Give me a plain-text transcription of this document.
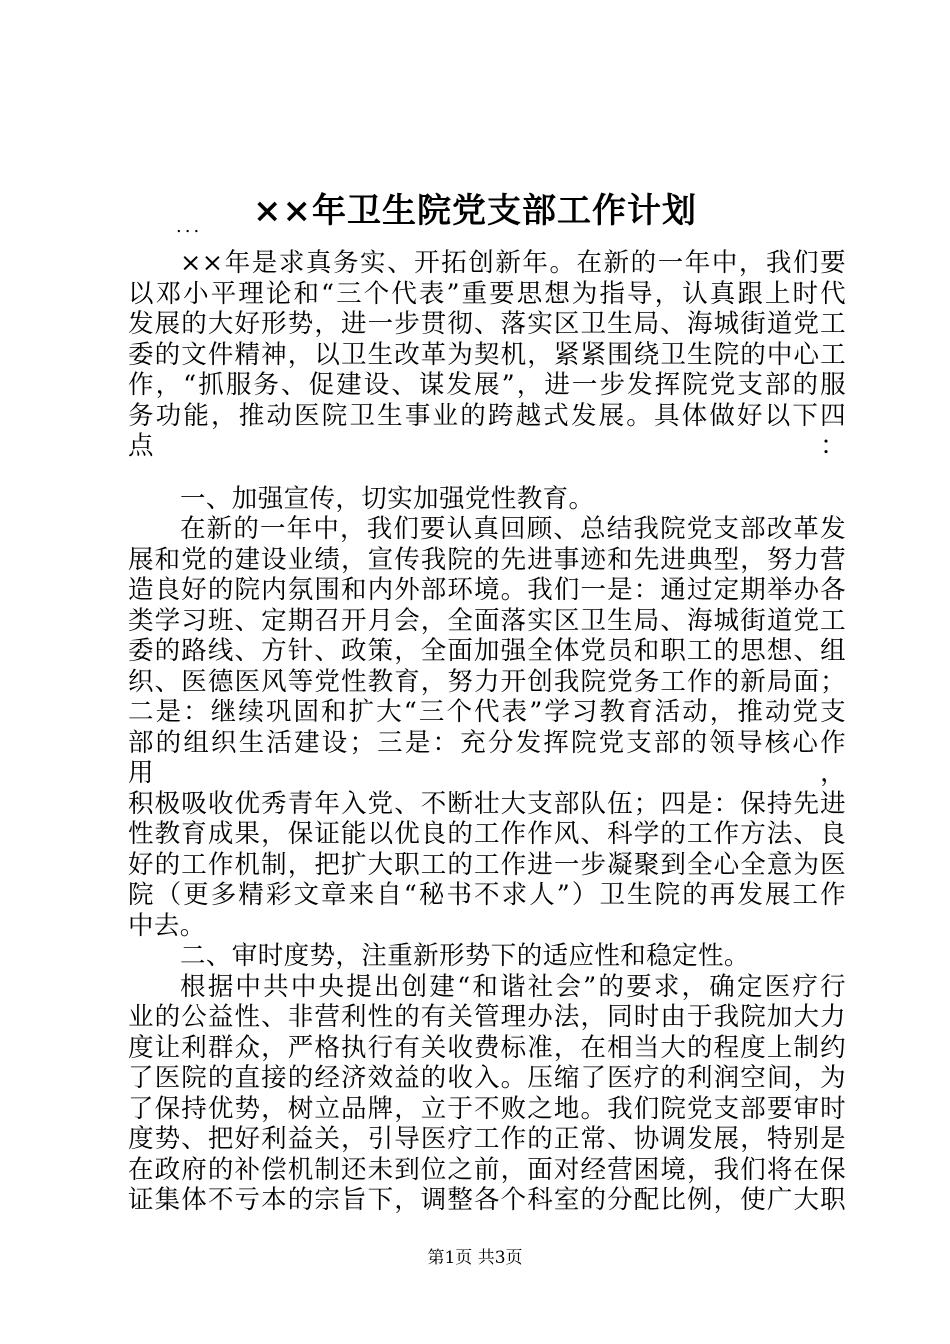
××年卫生院党支部工作计划
...

××年是求真务实、开拓创新年。在新的一年中，我们要

以邓小平理论和“三个代表”重要思想为指导，认真跟上时代

发展的大好形势，进一步贯彻、落实区卫生局、海城街道党工

委的文件精神，以卫生改革为契机，紧紧围绕卫生院的中心工

作，“抓服务、促建设、谋发展”，进一步发挥院党支部的服

务功能，推动医院卫生事业的跨越式发展。具体做好以下四点：

一、加强宣传，切实加强党性教育。

在新的一年中，我们要认真回顾、总结我院党支部改革发

展和党的建设业绩，宣传我院的先进事迹和先进典型，努力营

造良好的院内氛围和内外部环境。我们一是：通过定期举办各

类学习班、定期召开月会，全面落实区卫生局、海城街道党工

委的路线、方针、政策，全面加强全体党员和职工的思想、组

织、医德医风等党性教育，努力开创我院党务工作的新局面；

二是：继续巩固和扩大“三个代表”学习教育活动，推动党支

部的组织生活建设；三是：充分发挥院党支部的领导核心作用，

积极吸收优秀青年入党、不断壮大支部队伍；四是：保持先进

性教育成果，保证能以优良的工作作风、科学的工作方法、良

好的工作机制，把扩大职工的工作进一步凝聚到全心全意为医

院（更多精彩文章来自“秘书不求人”）卫生院的再发展工作

中去。

二、审时度势，注重新形势下的适应性和稳定性。

根据中共中央提出创建“和谐社会”的要求，确定医疗行

业的公益性、非营利性的有关管理办法，同时由于我院加大力

度让利群众，严格执行有关收费标准，在相当大的程度上制约

了医院的直接的经济效益的收入。压缩了医疗的利润空间，为

了保持优势，树立品牌，立于不败之地。我们院党支部要审时

度势、把好利益关，引导医疗工作的正常、协调发展，特别是

在政府的补偿机制还未到位之前，面对经营困境，我们将在保

证集体不亏本的宗旨下，调整各个科室的分配比例，使广大职

第1页 共3页
